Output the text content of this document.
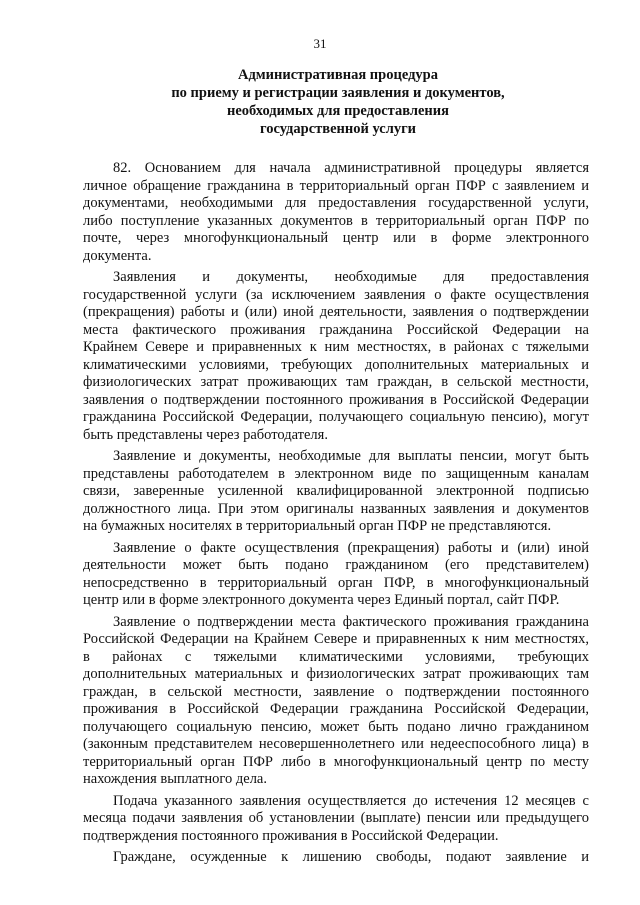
31
Административная процедура
по приему и регистрации заявления и документов,
необходимых для предоставления
государственной услуги
82. Основанием для начала административной процедуры является
личное обращение гражданина в территориальный орган ПФР с заявлением и
документами, необходимыми для предоставления государственной услуги,
либо поступление указанных документов в территориальный орган ПФР по
почте, через многофункциональный центр или в форме электронного
документа.
Заявления и документы, необходимые для предоставления
государственной услуги (за исключением заявления о факте осуществления
(прекращения) работы и (или) иной деятельности, заявления о подтверждении
места фактического проживания гражданина Российской Федерации на
Крайнем Севере и приравненных к ним местностях, в районах с тяжелыми
климатическими условиями, требующих дополнительных материальных и
физиологических затрат проживающих там граждан, в сельской местности,
заявления о подтверждении постоянного проживания в Российской Федерации
гражданина Российской Федерации, получающего социальную пенсию), могут
быть представлены через работодателя.
Заявление и документы, необходимые для выплаты пенсии, могут быть
представлены работодателем в электронном виде по защищенным каналам
связи, заверенные усиленной квалифицированной электронной подписью
должностного лица. При этом оригиналы названных заявления и документов
на бумажных носителях в территориальный орган ПФР не представляются.
Заявление о факте осуществления (прекращения) работы и (или) иной
деятельности может быть подано гражданином (его представителем)
непосредственно в территориальный орган ПФР, в многофункциональный
центр или в форме электронного документа через Единый портал, сайт ПФР.
Заявление о подтверждении места фактического проживания гражданина
Российской Федерации на Крайнем Севере и приравненных к ним местностях,
в районах с тяжелыми климатическими условиями, требующих
дополнительных материальных и физиологических затрат проживающих там
граждан, в сельской местности, заявление о подтверждении постоянного
проживания в Российской Федерации гражданина Российской Федерации,
получающего социальную пенсию, может быть подано лично гражданином
(законным представителем несовершеннолетнего или недееспособного лица) в
территориальный орган ПФР либо в многофункциональный центр по месту
нахождения выплатного дела.
Подача указанного заявления осуществляется до истечения 12 месяцев с
месяца подачи заявления об установлении (выплате) пенсии или предыдущего
подтверждения постоянного проживания в Российской Федерации.
Граждане, осужденные к лишению свободы, подают заявление и
